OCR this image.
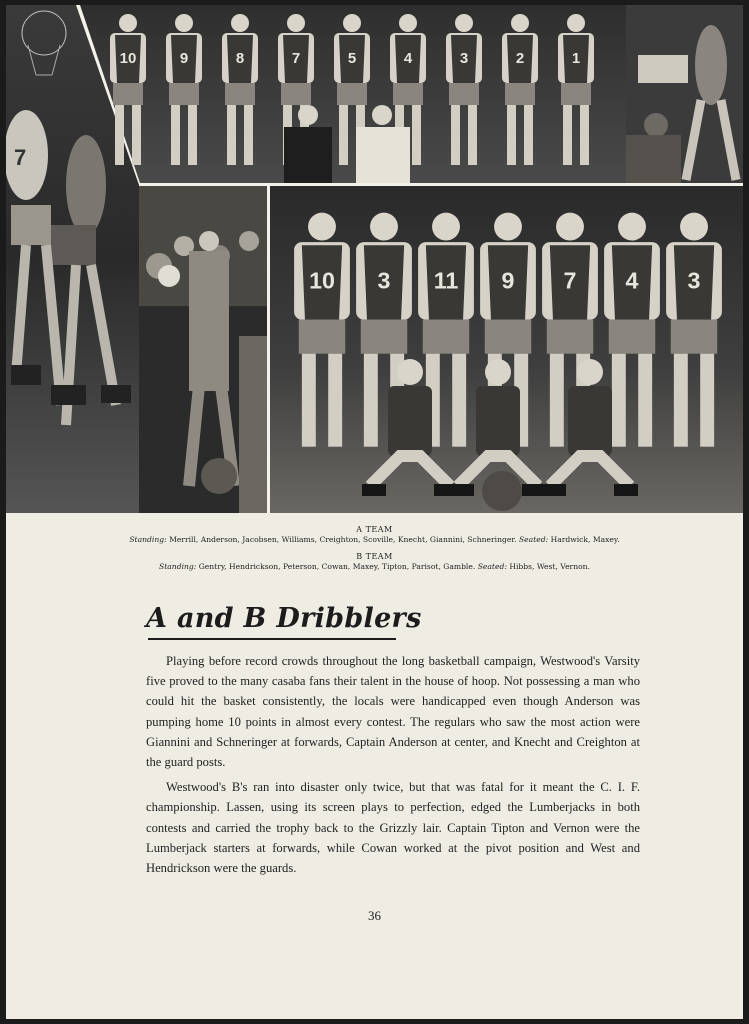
7
10	9	8	7	5	4	3	2	1
10 3 11 9 7 4 3

A TEAM

Standing: Merrill, Anderson, Jacobsen, Williams, Creighton, Scoville, Knecht, Giannini, Schneringer. Seated: Hardwick, Maxey.

B TEAM

Standing: Gentry, Hendrickson, Peterson, Cowan, Maxey, Tipton, Parisot, Gamble. Seated: Hibbs, West, Vernon.

A and B Dribblers

Playing before record crowds throughout the long basketball campaign, Westwood's Varsity five proved to the many casaba fans their talent in the house of hoop. Not possessing a man who could hit the basket consistently, the locals were handicapped even though Anderson was pumping home 10 points in almost every contest. The regulars who saw the most action were Giannini and Schneringer at forwards, Captain Anderson at center, and Knecht and Creighton at the guard posts.

Westwood's B's ran into disaster only twice, but that was fatal for it meant the C. I. F. championship. Lassen, using its screen plays to perfection, edged the Lumberjacks in both contests and carried the trophy back to the Grizzly lair. Captain Tipton and Vernon were the Lumberjack starters at forwards, while Cowan worked at the pivot position and West and Hendrickson were the guards.

36
